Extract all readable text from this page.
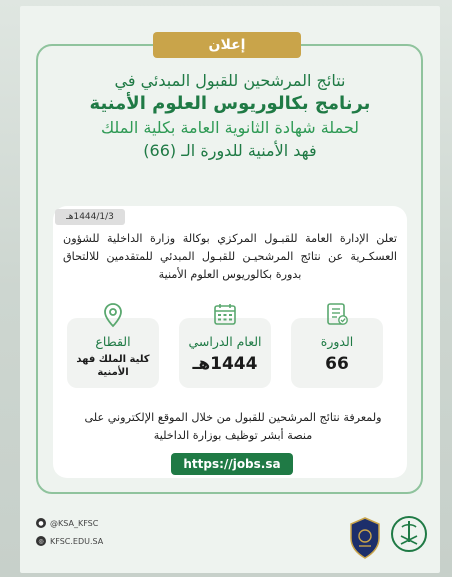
إعلان
نتائج المرشحين للقبول المبدئي في
برنامج بكالوريوس العلوم الأمنية
لحملة شهادة الثانوية العامة بكلية الملك
فهد الأمنية للدورة الـ (66)
1444/1/3هـ
تعلن الإدارة العامة للقبـول المركزي بوكالة وزارة الداخلية للشؤون العسكـرية عن نتائج المرشحيـن للقبـول المبدئي للمتقدمين للالتحاق بدورة بكالوريوس العلوم الأمنية
القطاع
كلية الملك فهد الأمنية
العام الدراسي
1444هـ
الدورة
66
ولمعرفة نتائج المرشحين للقبول من خلال الموقع الإلكتروني على منصة أبشر توظيف بوزارة الداخلية
https://jobs.sa
● @KSA_KFSC
◎ KFSC.EDU.SA
